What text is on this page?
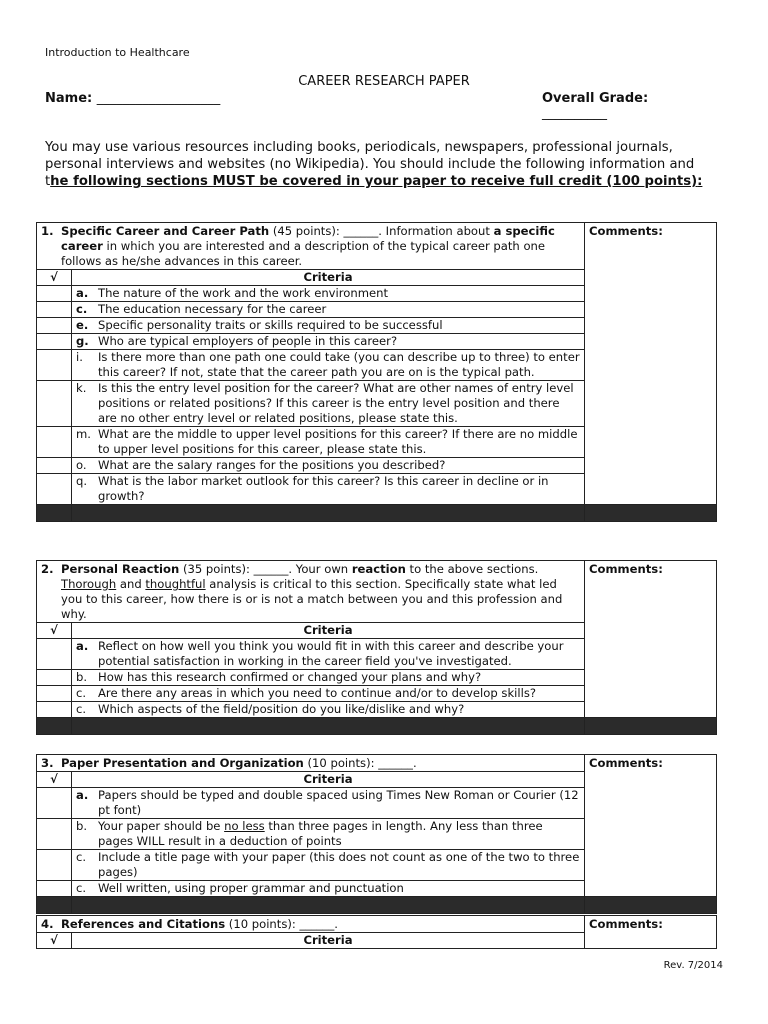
Introduction to Healthcare
CAREER RESEARCH PAPER
Name: ___________________	Overall Grade:
__________
You may use various resources including books, periodicals, newspapers, professional journals, personal interviews and websites (no Wikipedia). You should include the following information and the following sections MUST be covered in your paper to receive full credit (100 points):
1. Specific Career and Career Path (45 points): ______. Information about a specific career in which you are interested and a description of the typical career path one follows as he/she advances in this career.		Comments:
√	Criteria	

	a. The nature of the work and the work environment	

	c. The education necessary for the career	

	e. Specific personality traits or skills required to be successful	

	g. Who are typical employers of people in this career?	

	i. Is there more than one path one could take (you can describe up to three) to enter this career? If not, state that the career path you are on is the typical path.	

	k. Is this the entry level position for the career? What are other names of entry level positions or related positions? If this career is the entry level position and there are no other entry level or related positions, please state this.	

	m. What are the middle to upper level positions for this career? If there are no middle to upper level positions for this career, please state this.	

	o. What are the salary ranges for the positions you described?	

	q. What is the labor market outlook for this career? Is this career in decline or in growth?	

2. Personal Reaction (35 points): ______. Your own reaction to the above sections. Thorough and thoughtful analysis is critical to this section. Specifically state what led you to this career, how there is or is not a match between you and this profession and why.		Comments:
√	Criteria	

	a. Reflect on how well you think you would fit in with this career and describe your potential satisfaction in working in the career field you've investigated.	

	b. How has this research confirmed or changed your plans and why?	

	c. Are there any areas in which you need to continue and/or to develop skills?	

	c. Which aspects of the field/position do you like/dislike and why?	

3. Paper Presentation and Organization (10 points): ______.		Comments:
√	Criteria	

	a. Papers should be typed and double spaced using Times New Roman or Courier (12 pt font)	

	b. Your paper should be no less than three pages in length. Any less than three pages WILL result in a deduction of points	

	c. Include a title page with your paper (this does not count as one of the two to three pages)	

	c. Well written, using proper grammar and punctuation	

4. References and Citations (10 points): ______.		Comments:
√	Criteria	
Rev. 7/2014
